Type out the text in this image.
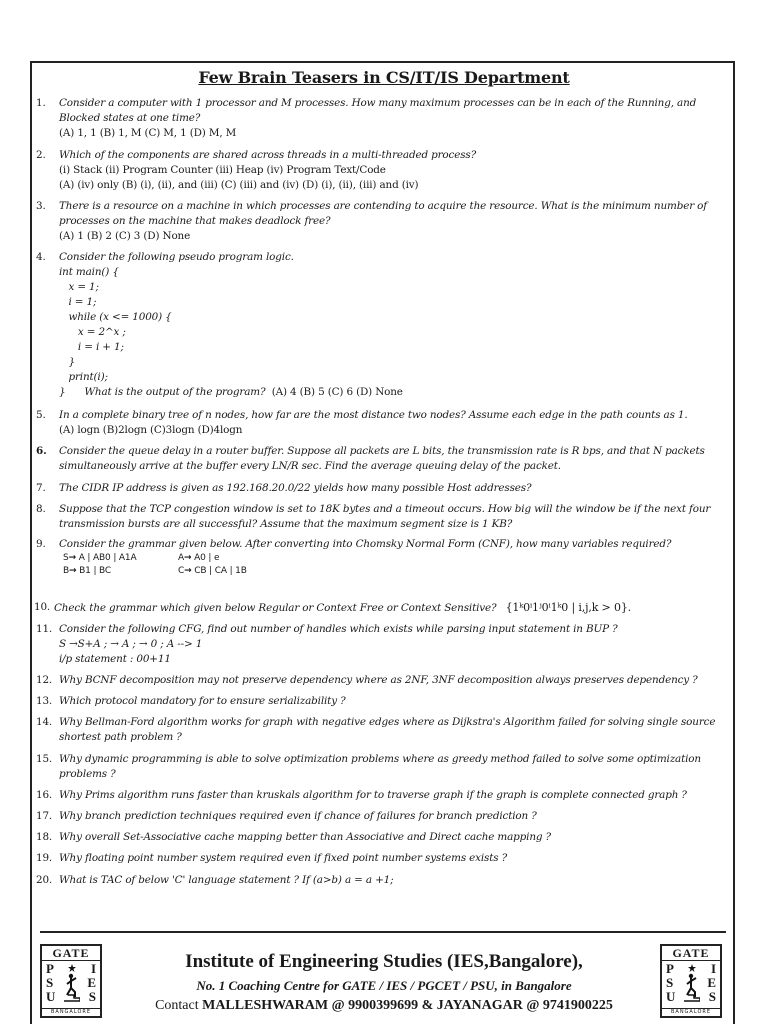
Few Brain Teasers in CS/IT/IS Department
1.	Consider a computer with 1 processor and M processes. How many maximum processes can be in each of the Running, and Blocked states at one time?
(A) 1, 1 (B) 1, M (C) M, 1 (D) M, M
2.	Which of the components are shared across threads in a multi-threaded process?
(i) Stack (ii) Program Counter (iii) Heap (iv) Program Text/Code
(A) (iv) only (B) (i), (ii), and (iii) (C) (iii) and (iv) (D) (i), (ii), (iii) and (iv)
3.	There is a resource on a machine in which processes are contending to acquire the resource. What is the minimum number of processes on the machine that makes deadlock free?
(A) 1 (B) 2 (C) 3 (D) None
4.	Consider the following pseudo program logic.
int main() {
x = 1;
i = 1;
while (x <= 1000) {
x = 2^x ;
i = i + 1;
}
print(i);
}      What is the output of the program? (A) 4 (B) 5 (C) 6 (D) None
5.	In a complete binary tree of n nodes, how far are the most distance two nodes? Assume each edge in the path counts as 1.
(A) logn (B)2logn (C)3logn (D)4logn
6.	Consider the queue delay in a router buffer. Suppose all packets are L bits, the transmission rate is R bps, and that N packets simultaneously arrive at the buffer every LN/R sec. Find the average queuing delay of the packet.
7.	The CIDR IP address is given as 192.168.20.0/22 yields how many possible Host addresses?
8.	Suppose that the TCP congestion window is set to 18K bytes and a timeout occurs. How big will the window be if the next four transmission bursts are all successful? Assume that the maximum segment size is 1 KB?
9.	Consider the grammar given below. After converting into Chomsky Normal Form (CNF), how many variables required?
S→ A | AB0 | A1A
B→ B1 | BC
A→ A0 | e
C→ CB | CA | 1B
10. Check the grammar which given below Regular or Context Free or Context Sensitive? {1ᵏ0ⁱ1ʲ0ⁱ1ᵏ0 | i,j,k > 0}.
11. Consider the following CFG, find out number of handles which exists while parsing input statement in BUP ?
S →S+A ; → A ; → 0 ; A --> 1
i/p statement : 00+11
12. Why BCNF decomposition may not preserve dependency where as 2NF, 3NF decomposition always preserves dependency ?
13. Which protocol mandatory for to ensure serializability ?
14. Why Bellman-Ford algorithm works for graph with negative edges where as Dijkstra's Algorithm failed for solving single source shortest path problem ?
15. Why dynamic programming is able to solve optimization problems where as greedy method failed to solve some optimization problems ?
16. Why Prims algorithm runs faster than kruskals algorithm for to traverse graph if the graph is complete connected graph ?
17. Why branch prediction techniques required even if chance of failures for branch prediction ?
18. Why overall Set-Associative cache mapping better than Associative and Direct cache mapping ?
19. Why floating point number system required even if fixed point number systems exists ?
20. What is TAC of below 'C' language statement ? If (a>b) a = a +1;
GATE
P	I
S	E
U	S
BANGALORE
GATE
P	I
S	E
U	S
BANGALORE
Institute of Engineering Studies (IES,Bangalore),
No. 1 Coaching Centre for GATE / IES / PGCET / PSU, in Bangalore
Contact MALLESHWARAM @ 9900399699 & JAYANAGAR @ 9741900225
